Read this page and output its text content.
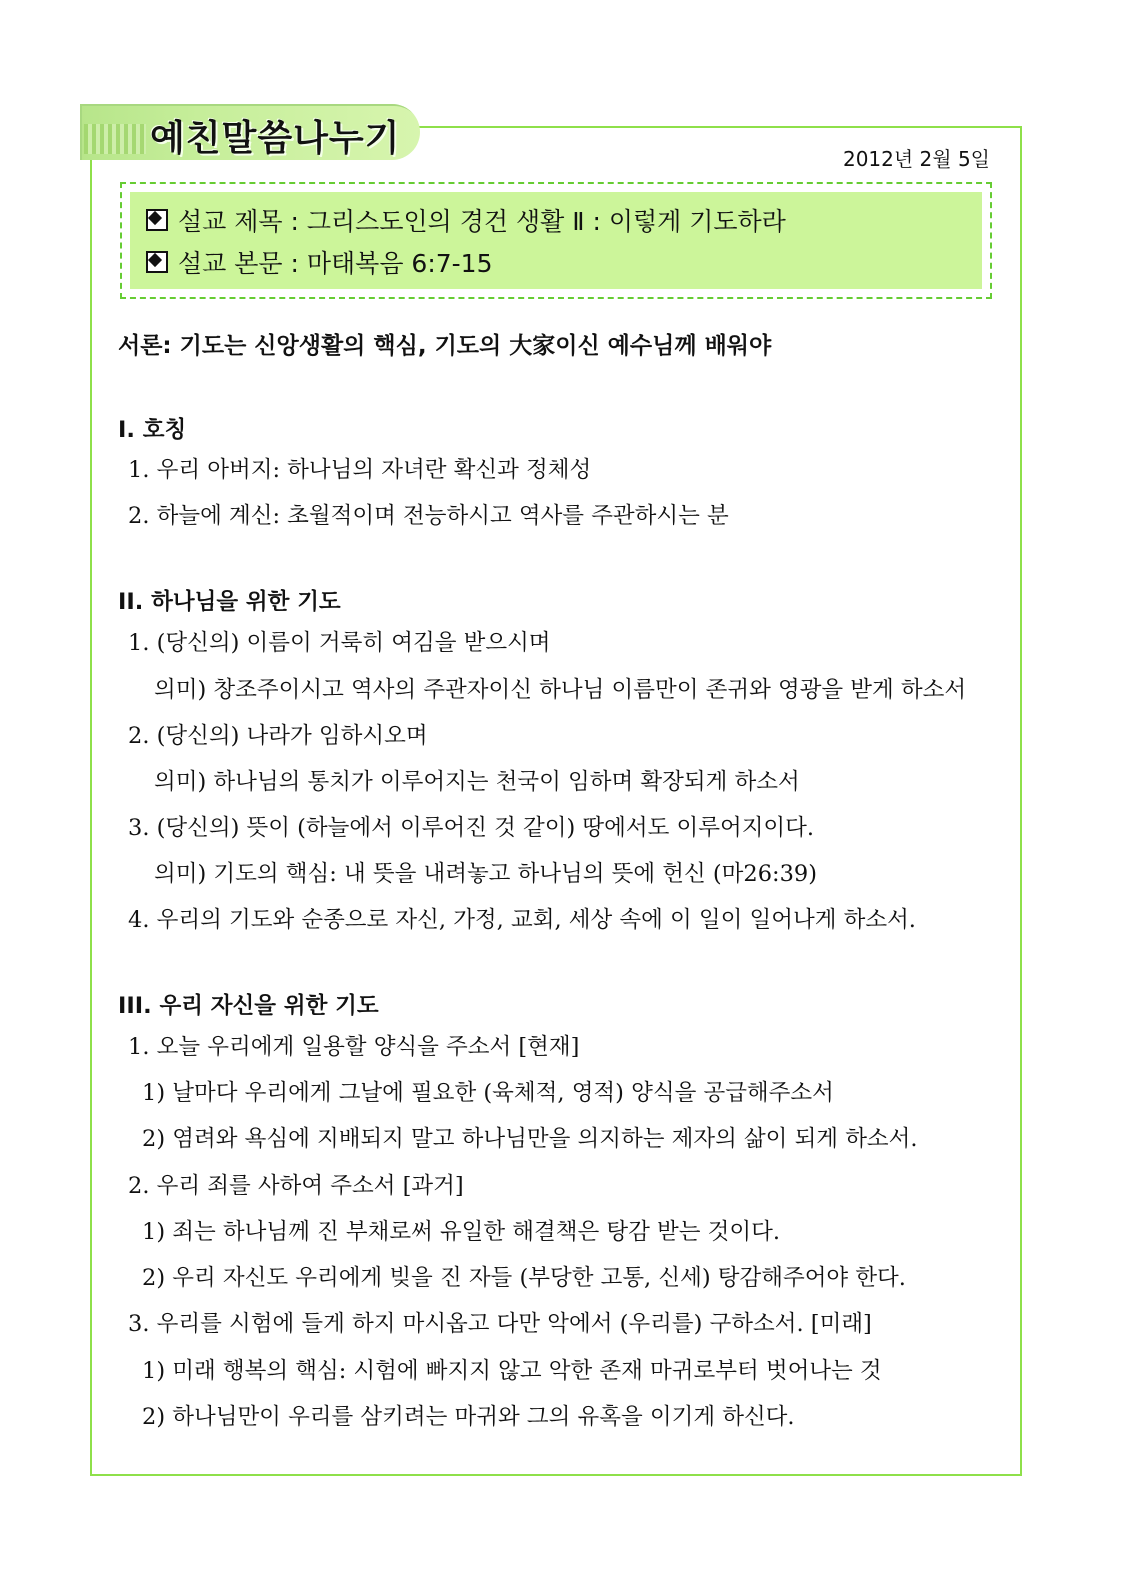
예친말씀나누기	2012년 2월 5일
설교 제목 : 그리스도인의 경건 생활 Ⅱ : 이렇게 기도하라
설교 본문 : 마태복음 6:7-15
서론: 기도는 신앙생활의 핵심, 기도의 大家이신 예수님께 배워야
I. 호칭
1. 우리 아버지: 하나님의 자녀란 확신과 정체성
2. 하늘에 계신: 초월적이며 전능하시고 역사를 주관하시는 분
II. 하나님을 위한 기도
1. (당신의) 이름이 거룩히 여김을 받으시며
의미) 창조주이시고 역사의 주관자이신 하나님 이름만이 존귀와 영광을 받게 하소서
2. (당신의) 나라가 임하시오며
의미) 하나님의 통치가 이루어지는 천국이 임하며 확장되게 하소서
3. (당신의) 뜻이 (하늘에서 이루어진 것 같이) 땅에서도 이루어지이다.
의미) 기도의 핵심: 내 뜻을 내려놓고 하나님의 뜻에 헌신 (마26:39)
4. 우리의 기도와 순종으로 자신, 가정, 교회, 세상 속에 이 일이 일어나게 하소서.
III. 우리 자신을 위한 기도
1. 오늘 우리에게 일용할 양식을 주소서 [현재]
1) 날마다 우리에게 그날에 필요한 (육체적, 영적) 양식을 공급해주소서
2) 염려와 욕심에 지배되지 말고 하나님만을 의지하는 제자의 삶이 되게 하소서.
2. 우리 죄를 사하여 주소서 [과거]
1) 죄는 하나님께 진 부채로써 유일한 해결책은 탕감 받는 것이다.
2) 우리 자신도 우리에게 빚을 진 자들 (부당한 고통, 신세) 탕감해주어야 한다.
3. 우리를 시험에 들게 하지 마시옵고 다만 악에서 (우리를) 구하소서. [미래]
1) 미래 행복의 핵심: 시험에 빠지지 않고 악한 존재 마귀로부터 벗어나는 것
2) 하나님만이 우리를 삼키려는 마귀와 그의 유혹을 이기게 하신다.
